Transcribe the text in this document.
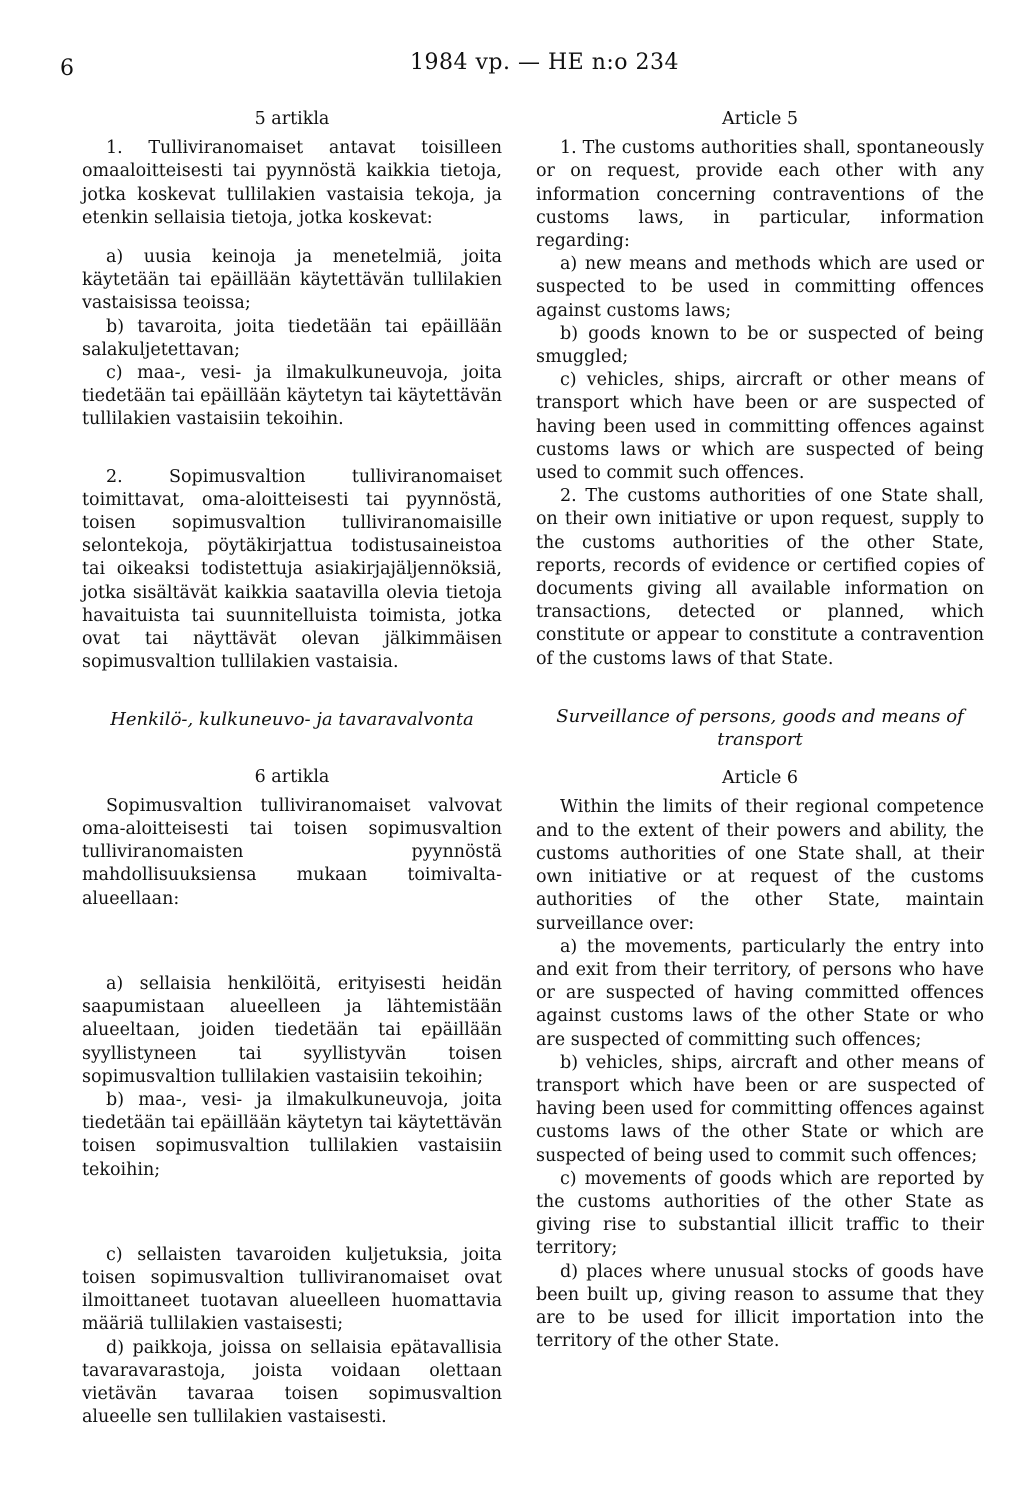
6	1984 vp. — HE n:o 234
5 artikla

1. Tulliviranomaiset antavat toisilleen omaaloitteisesti tai pyynnöstä kaikkia tietoja, jotka koskevat tullilakien vastaisia tekoja, ja etenkin sellaisia tietoja, jotka koskevat:

a) uusia keinoja ja menetelmiä, joita käytetään tai epäillään käytettävän tullilakien vastaisissa teoissa;

b) tavaroita, joita tiedetään tai epäillään salakuljetettavan;

c) maa-, vesi- ja ilmakulkuneuvoja, joita tiedetään tai epäillään käytetyn tai käytettävän tullilakien vastaisiin tekoihin.

2. Sopimusvaltion tulliviranomaiset toimittavat, oma-aloitteisesti tai pyynnöstä, toisen sopimusvaltion tulliviranomaisille selontekoja, pöytäkirjattua todistusaineistoa tai oikeaksi todistettuja asiakirjajäljennöksiä, jotka sisältävät kaikkia saatavilla olevia tietoja havaituista tai suunnitelluista toimista, jotka ovat tai näyttävät olevan jälkimmäisen sopimusvaltion tullilakien vastaisia.

Henkilö-, kulkuneuvo- ja tavaravalvonta
6 artikla

Sopimusvaltion tulliviranomaiset valvovat oma-aloitteisesti tai toisen sopimusvaltion tulliviranomaisten pyynnöstä mahdollisuuksiensa mukaan toimivalta-alueellaan:

a) sellaisia henkilöitä, erityisesti heidän saapumistaan alueelleen ja lähtemistään alueeltaan, joiden tiedetään tai epäillään syyllistyneen tai syyllistyvän toisen sopimusvaltion tullilakien vastaisiin tekoihin;

b) maa-, vesi- ja ilmakulkuneuvoja, joita tiedetään tai epäillään käytetyn tai käytettävän toisen sopimusvaltion tullilakien vastaisiin tekoihin;

c) sellaisten tavaroiden kuljetuksia, joita toisen sopimusvaltion tulliviranomaiset ovat ilmoittaneet tuotavan alueelleen huomattavia määriä tullilakien vastaisesti;

d) paikkoja, joissa on sellaisia epätavallisia tavaravarastoja, joista voidaan olettaan vietävän tavaraa toisen sopimusvaltion alueelle sen tullilakien vastaisesti.

Article 5

1. The customs authorities shall, spontaneously or on request, provide each other with any information concerning contraventions of the customs laws, in particular, information regarding:

a) new means and methods which are used or suspected to be used in committing offences against customs laws;

b) goods known to be or suspected of being smuggled;

c) vehicles, ships, aircraft or other means of transport which have been or are suspected of having been used in committing offences against customs laws or which are suspected of being used to commit such offences.

2. The customs authorities of one State shall, on their own initiative or upon request, supply to the customs authorities of the other State, reports, records of evidence or certified copies of documents giving all available information on transactions, detected or planned, which constitute or appear to constitute a contravention of the customs laws of that State.

Surveillance of persons, goods and means of transport
Article 6

Within the limits of their regional competence and to the extent of their powers and ability, the customs authorities of one State shall, at their own initiative or at request of the customs authorities of the other State, maintain surveillance over:

a) the movements, particularly the entry into and exit from their territory, of persons who have or are suspected of having committed offences against customs laws of the other State or who are suspected of committing such offences;

b) vehicles, ships, aircraft and other means of transport which have been or are suspected of having been used for committing offences against customs laws of the other State or which are suspected of being used to commit such offences;

c) movements of goods which are reported by the customs authorities of the other State as giving rise to substantial illicit traffic to their territory;

d) places where unusual stocks of goods have been built up, giving reason to assume that they are to be used for illicit importation into the territory of the other State.
